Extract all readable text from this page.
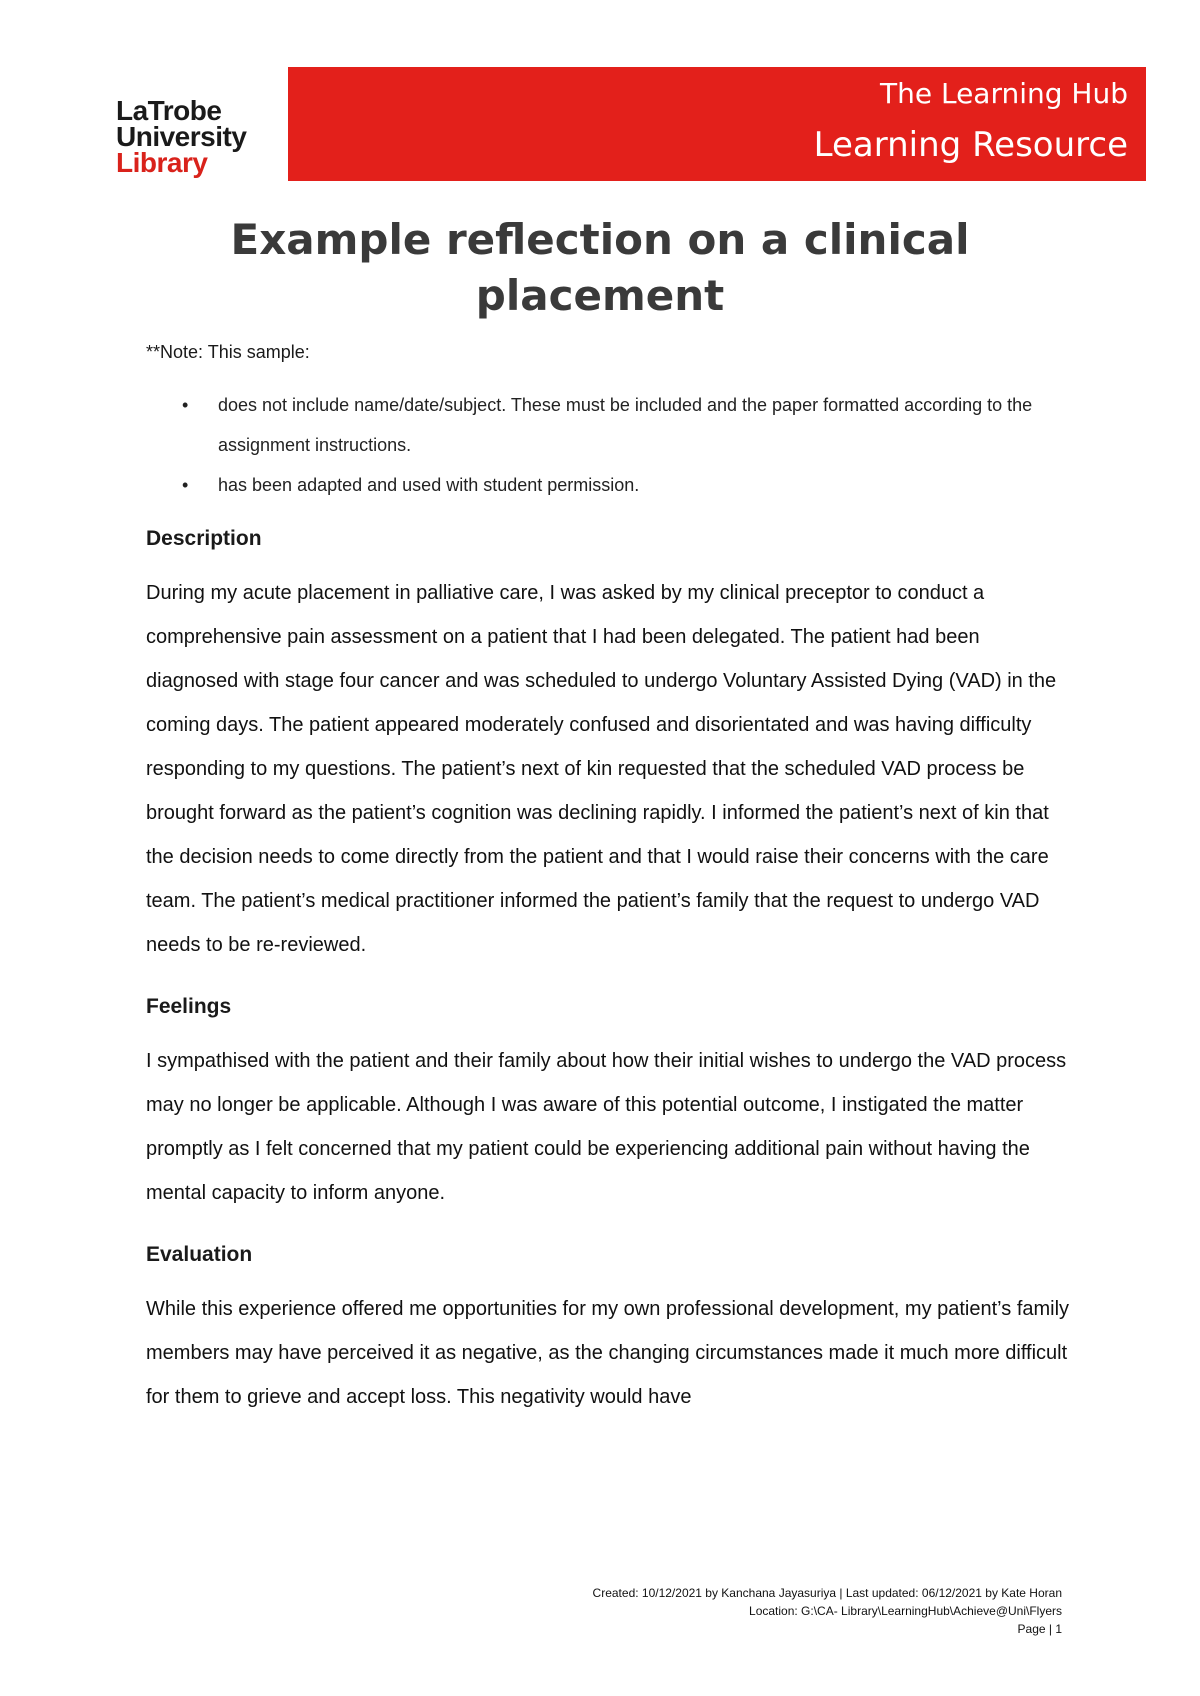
LaTrobe
University
Library
The Learning Hub
Learning Resource
Example reflection on a clinical
placement
**Note: This sample:
• does not include name/date/subject. These must be included and the paper formatted according to the assignment instructions.
• has been adapted and used with student permission.
Description
During my acute placement in palliative care, I was asked by my clinical preceptor to conduct a comprehensive pain assessment on a patient that I had been delegated. The patient had been diagnosed with stage four cancer and was scheduled to undergo Voluntary Assisted Dying (VAD) in the coming days. The patient appeared moderately confused and disorientated and was having difficulty responding to my questions. The patient’s next of kin requested that the scheduled VAD process be brought forward as the patient’s cognition was declining rapidly. I informed the patient’s next of kin that the decision needs to come directly from the patient and that I would raise their concerns with the care team. The patient’s medical practitioner informed the patient’s family that the request to undergo VAD needs to be re-reviewed.
Feelings
I sympathised with the patient and their family about how their initial wishes to undergo the VAD process may no longer be applicable. Although I was aware of this potential outcome, I instigated the matter promptly as I felt concerned that my patient could be experiencing additional pain without having the mental capacity to inform anyone.
Evaluation
While this experience offered me opportunities for my own professional development, my patient’s family members may have perceived it as negative, as the changing circumstances made it much more difficult for them to grieve and accept loss. This negativity would have
Created: 10/12/2021 by Kanchana Jayasuriya | Last updated: 06/12/2021 by Kate Horan
Location: G:\CA- Library\LearningHub\Achieve@Uni\Flyers
Page | 1
